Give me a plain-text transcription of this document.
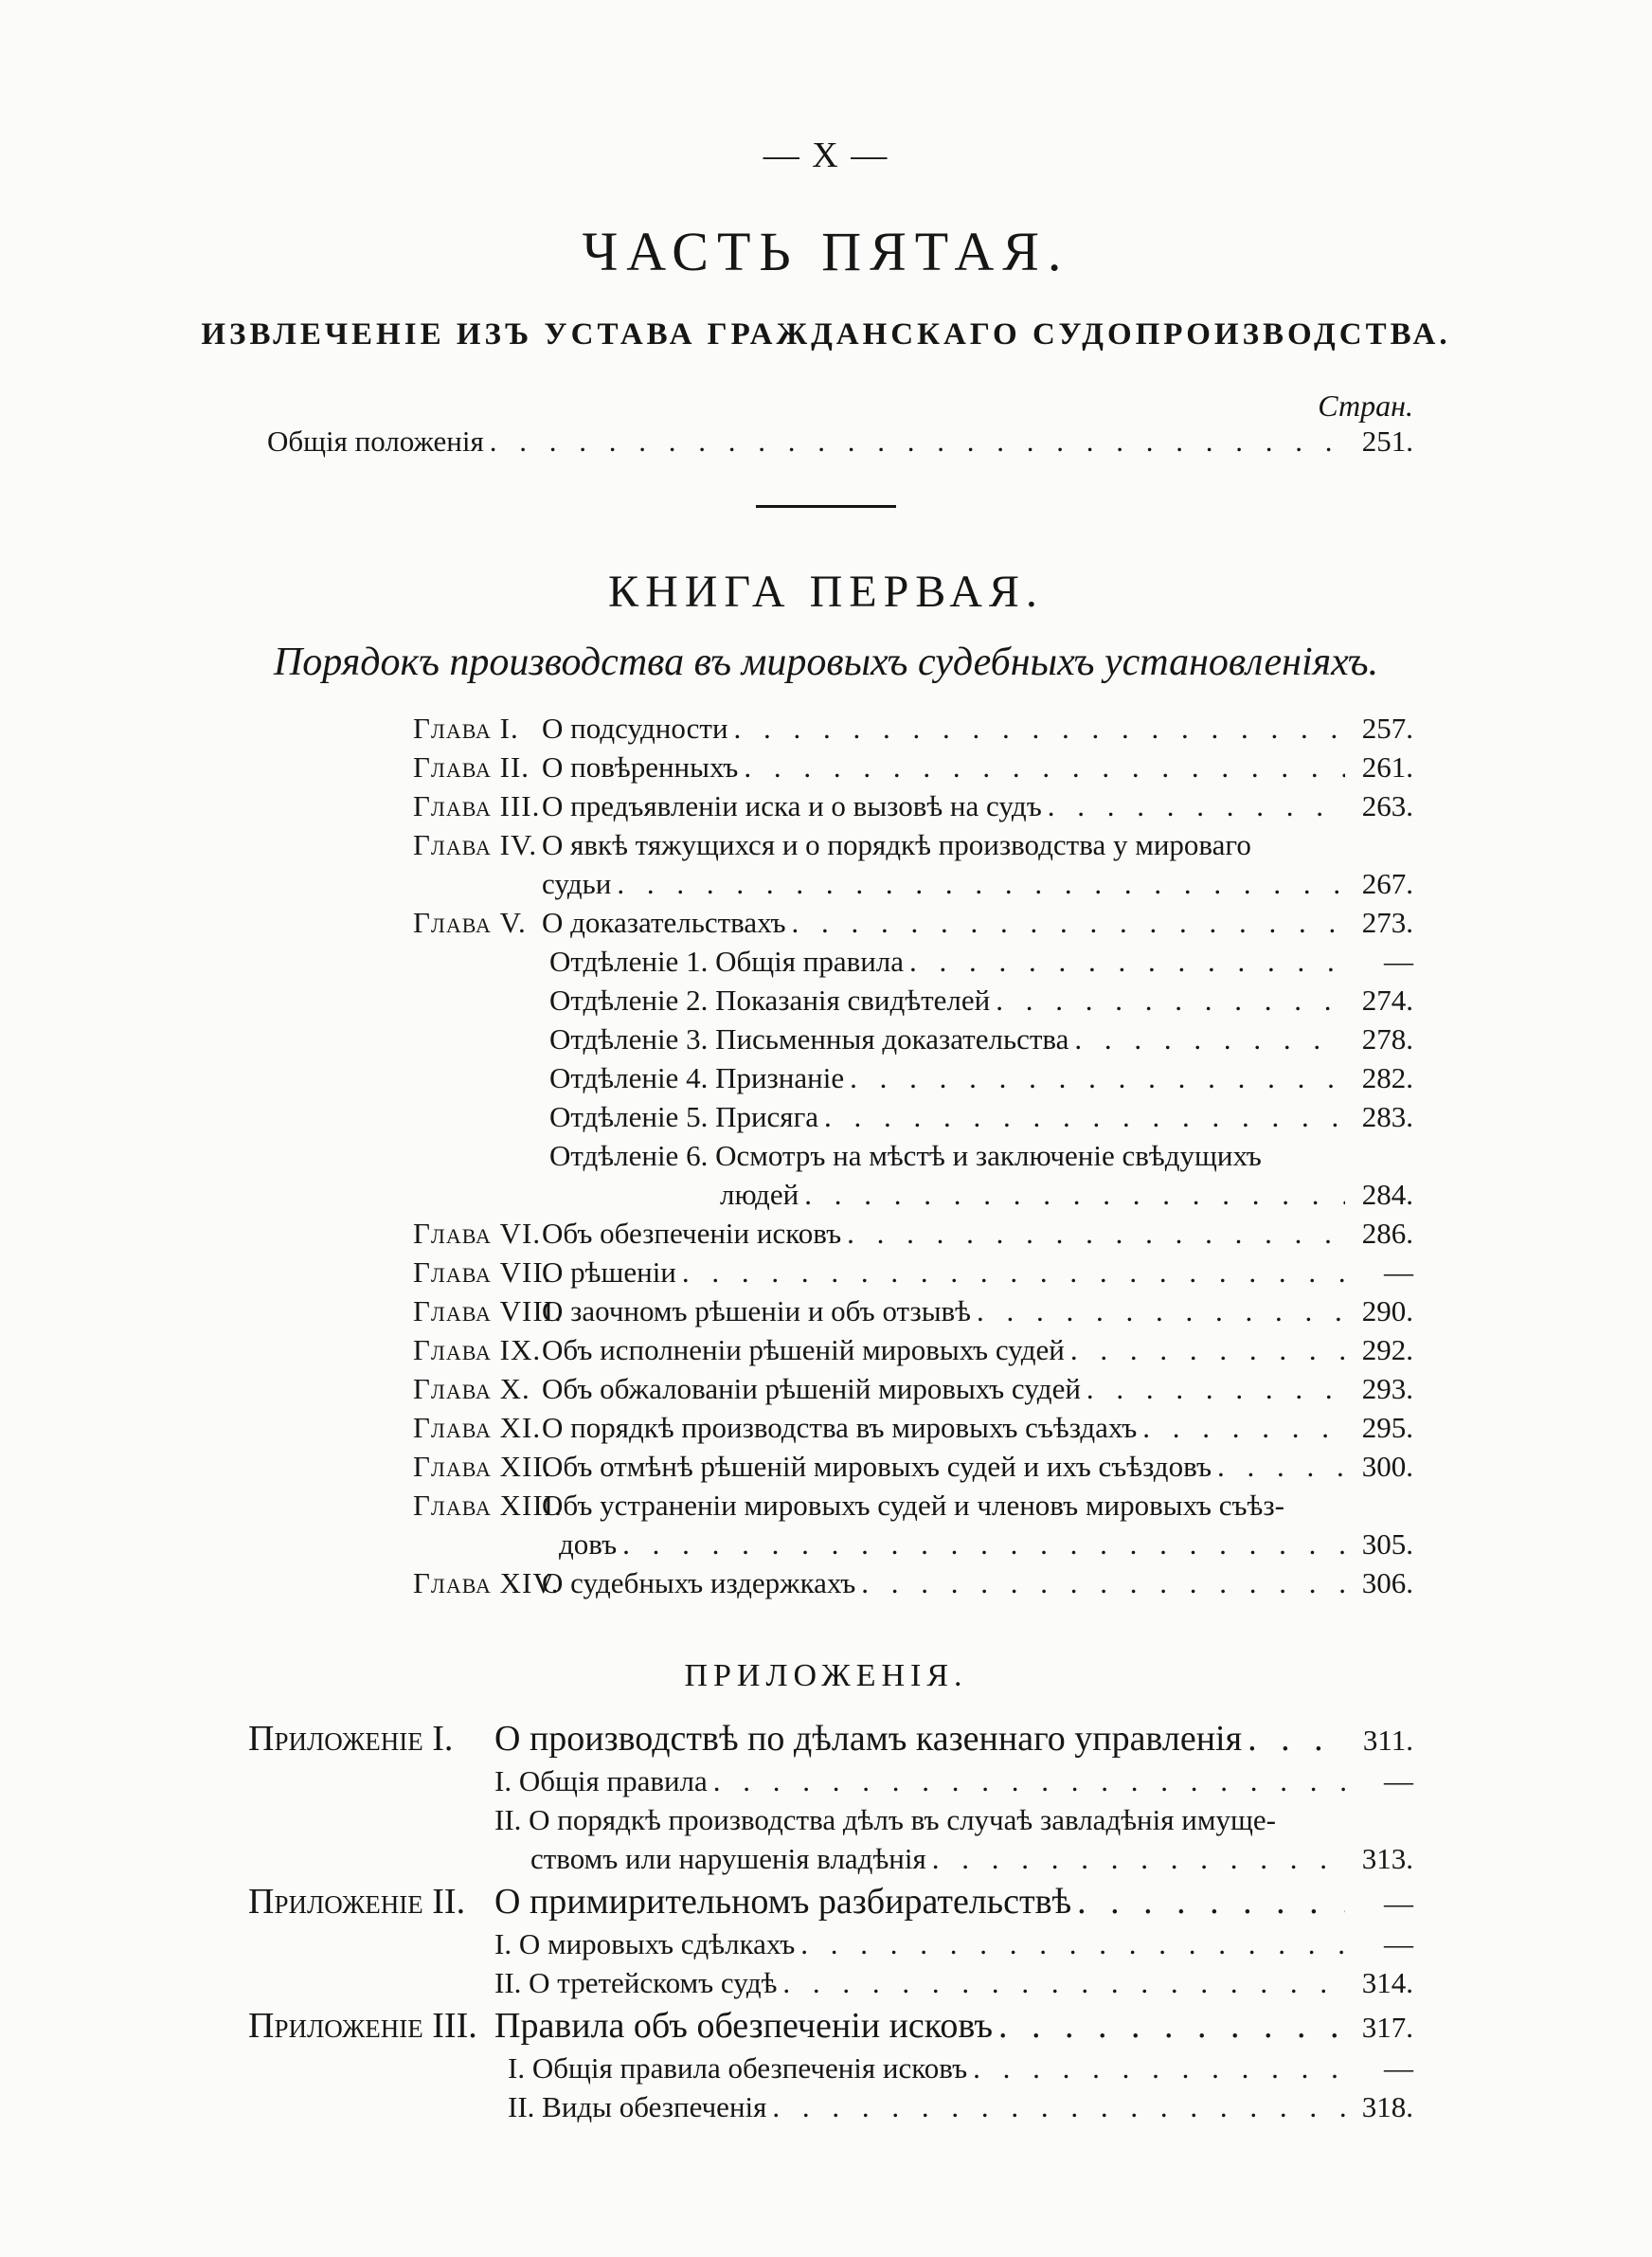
— X —
ЧАСТЬ ПЯТАЯ.
ИЗВЛЕЧЕНІЕ ИЗЪ УСТАВА ГРАЖДАНСКАГО СУДОПРОИЗВОДСТВА.
Стран.
Общія положенія . . .	251.
КНИГА ПЕРВАЯ.
Порядокъ производства въ мировыхъ судебныхъ установленіяхъ.
Глава I. О подсудности . . .	257.
Глава II. О повѣренныхъ . . .	261.
Глава III. О предъявленіи иска и о вызовѣ на судъ . . .	263.
Глава IV. О явкѣ тяжущихся и о порядкѣ производства у мироваго
судьи . . .	267.
Глава V. О доказательствахъ . . .	273.
Отдѣленіе 1. Общія правила . . .	—
Отдѣленіе 2. Показанія свидѣтелей . . .	274.
Отдѣленіе 3. Письменныя доказательства . . .	278.
Отдѣленіе 4. Признаніе . . .	282.
Отдѣленіе 5. Присяга . . .	283.
Отдѣленіе 6. Осмотръ на мѣстѣ и заключеніе свѣдущихъ
людей . . .	284.
Глава VI. Объ обезпеченіи исковъ . . .	286.
Глава VII.
О рѣшеніи . . .	—
Глава VIII.
О заочномъ рѣшеніи и объ отзывѣ . . .	290.
Глава IX. Объ исполненіи рѣшеній мировыхъ судей . . .	292.
Глава X. Объ обжалованіи рѣшеній мировыхъ судей . . .	293.
Глава XI. О порядкѣ производства въ мировыхъ съѣздахъ . . .	295.
Глава XII.
Объ отмѣнѣ рѣшеній мировыхъ судей и ихъ съѣздовъ . . .	300.
Глава XIII.
Объ устраненіи мировыхъ судей и членовъ мировыхъ съѣз-
довъ . . .	305.
Глава XIV.
О судебныхъ издержкахъ . . .	306.
ПРИЛОЖЕНІЯ.
Приложеніе I.	О производствѣ по дѣламъ казеннаго управленія . . .	311.
I. Общія правила . . .	—
II. О порядкѣ производства дѣлъ въ случаѣ завладѣнія имуще-
ствомъ или нарушенія владѣнія . . .	313.
Приложеніе II. О примирительномъ разбирательствѣ . . .	—
I. О мировыхъ сдѣлкахъ . . .	—
II. О третейскомъ судѣ . . .	314.
Приложеніе III. Правила объ обезпеченіи исковъ . . .	317.
I. Общія правила обезпеченія исковъ . . .	—
II. Виды обезпеченія . . .	318.
